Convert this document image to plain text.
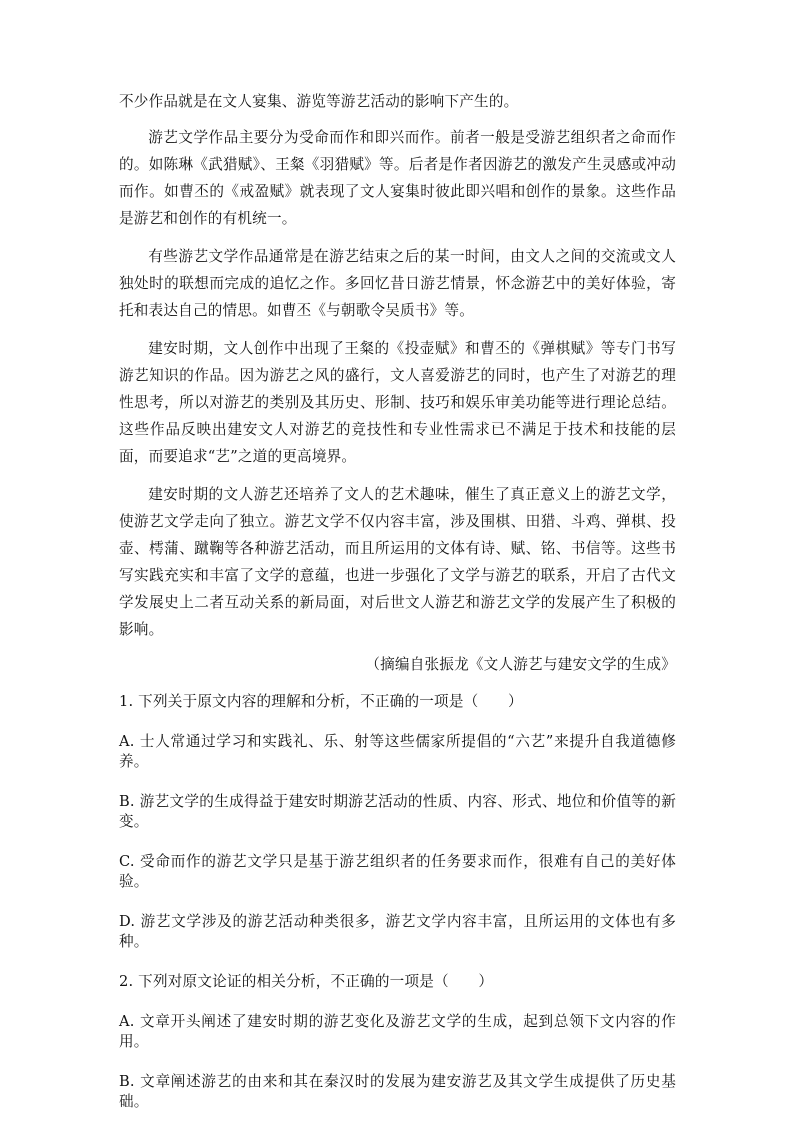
不少作品就是在文人宴集、游览等游艺活动的影响下产生的。

游艺文学作品主要分为受命而作和即兴而作。前者一般是受游艺组织者之命而作的。如陈琳《武猎赋》、王粲《羽猎赋》等。后者是作者因游艺的激发产生灵感或冲动而作。如曹丕的《戒盈赋》就表现了文人宴集时彼此即兴唱和创作的景象。这些作品是游艺和创作的有机统一。

有些游艺文学作品通常是在游艺结束之后的某一时间，由文人之间的交流或文人独处时的联想而完成的追忆之作。多回忆昔日游艺情景，怀念游艺中的美好体验，寄托和表达自己的情思。如曹丕《与朝歌令吴质书》等。

建安时期，文人创作中出现了王粲的《投壶赋》和曹丕的《弹棋赋》等专门书写游艺知识的作品。因为游艺之风的盛行，文人喜爱游艺的同时，也产生了对游艺的理性思考，所以对游艺的类别及其历史、形制、技巧和娱乐审美功能等进行理论总结。这些作品反映出建安文人对游艺的竞技性和专业性需求已不满足于技术和技能的层面，而要追求“艺”之道的更高境界。

建安时期的文人游艺还培养了文人的艺术趣味，催生了真正意义上的游艺文学，使游艺文学走向了独立。游艺文学不仅内容丰富，涉及围棋、田猎、斗鸡、弹棋、投壶、樗蒲、蹴鞠等各种游艺活动，而且所运用的文体有诗、赋、铭、书信等。这些书写实践充实和丰富了文学的意蕴，也进一步强化了文学与游艺的联系，开启了古代文学发展史上二者互动关系的新局面，对后世文人游艺和游艺文学的发展产生了积极的影响。

（摘编自张振龙《文人游艺与建安文学的生成》

1. 下列关于原文内容的理解和分析，不正确的一项是（　　）

A. 士人常通过学习和实践礼、乐、射等这些儒家所提倡的“六艺”来提升自我道德修养。

B. 游艺文学的生成得益于建安时期游艺活动的性质、内容、形式、地位和价值等的新变。

C. 受命而作的游艺文学只是基于游艺组织者的任务要求而作，很难有自己的美好体验。

D. 游艺文学涉及的游艺活动种类很多，游艺文学内容丰富，且所运用的文体也有多种。

2. 下列对原文论证的相关分析，不正确的一项是（　　）

A. 文章开头阐述了建安时期的游艺变化及游艺文学的生成，起到总领下文内容的作用。

B. 文章阐述游艺的由来和其在秦汉时的发展为建安游艺及其文学生成提供了历史基础。
